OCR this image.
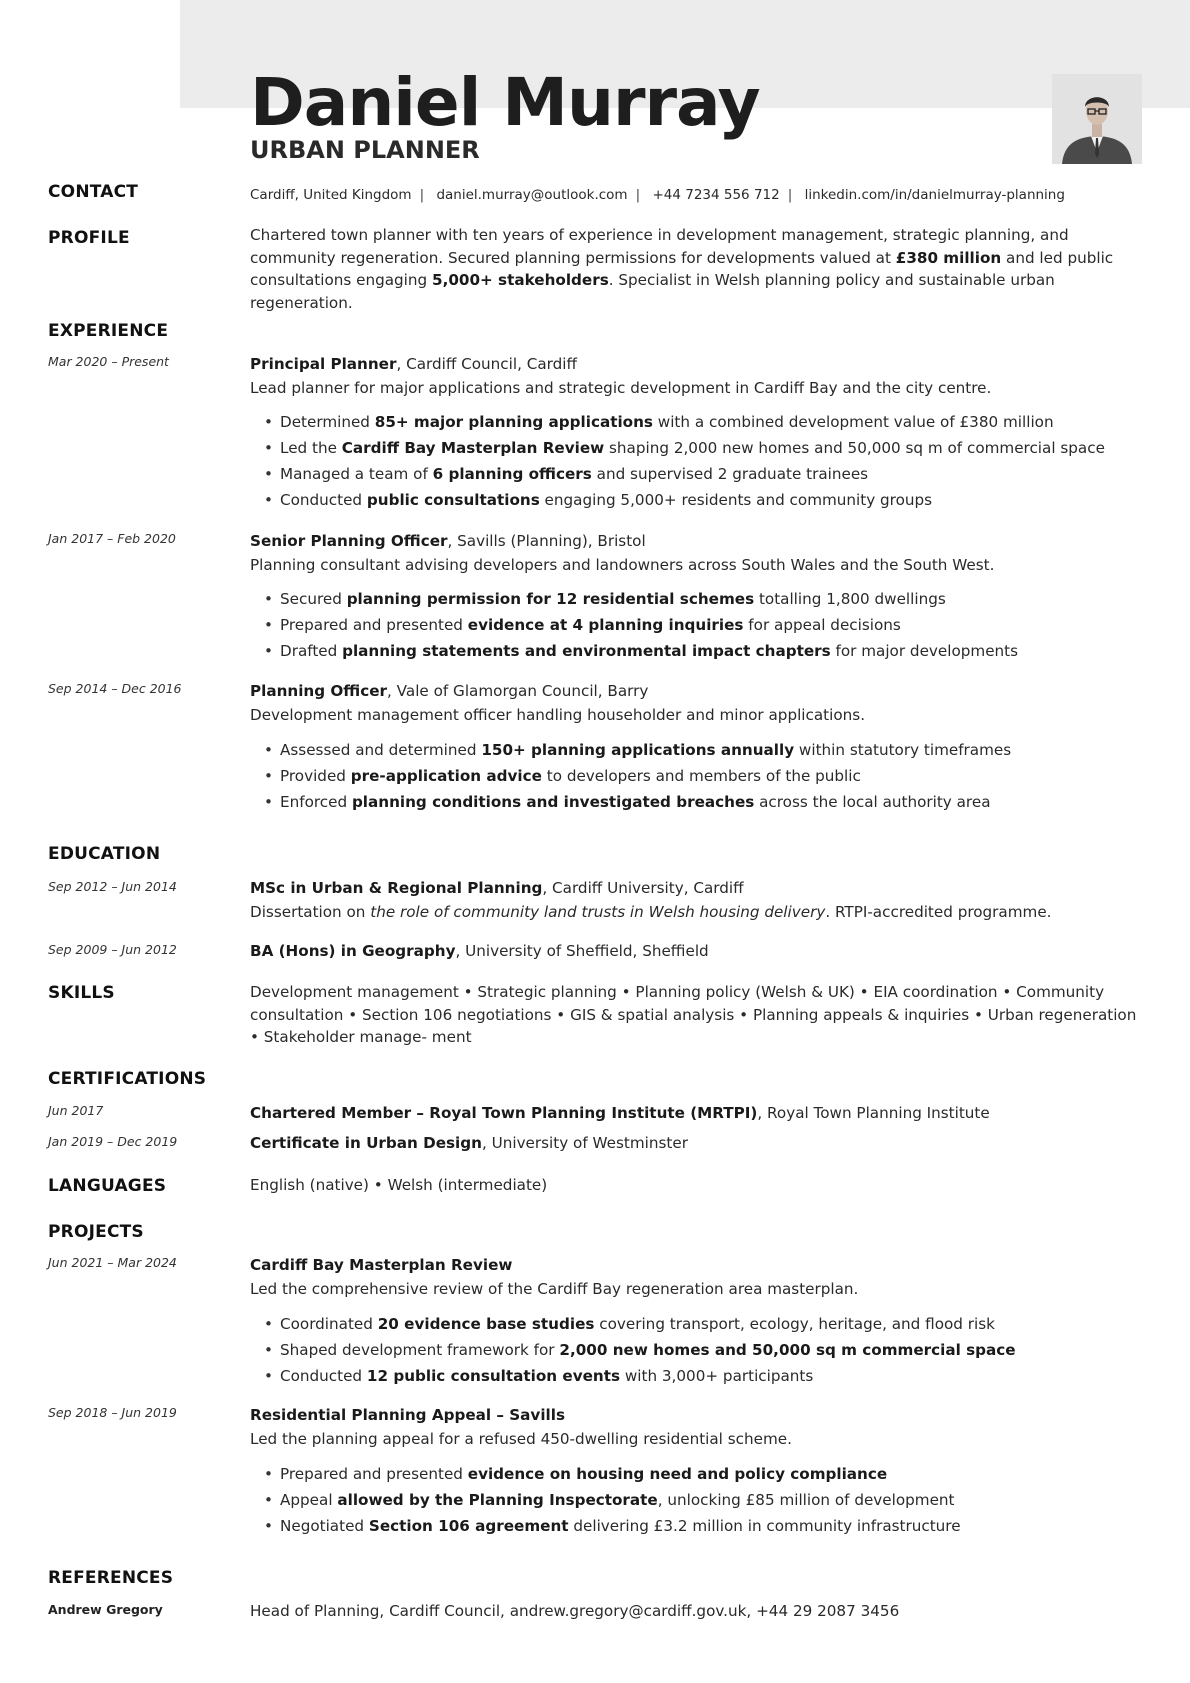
Daniel Murray
URBAN PLANNER
CONTACT	Cardiff, United Kingdom | daniel.murray@outlook.com | +44 7234 556 712 | linkedin.com/in/danielmurray-planning
PROFILE	Chartered town planner with ten years of experience in development management, strategic planning, and community regeneration. Secured planning permissions for developments valued at £380 million and led public consultations engaging 5,000+ stakeholders. Specialist in Welsh planning policy and sustainable urban regeneration.
EXPERIENCE
Mar 2020 – Present	Principal Planner, Cardiff Council, Cardiff
Lead planner for major applications and strategic development in Cardiff Bay and the city centre.
• Determined 85+ major planning applications with a combined development value of £380 million
• Led the Cardiff Bay Masterplan Review shaping 2,000 new homes and 50,000 sq m of commercial space
• Managed a team of 6 planning officers and supervised 2 graduate trainees
• Conducted public consultations engaging 5,000+ residents and community groups
Jan 2017 – Feb 2020	Senior Planning Officer, Savills (Planning), Bristol
Planning consultant advising developers and landowners across South Wales and the South West.
• Secured planning permission for 12 residential schemes totalling 1,800 dwellings
• Prepared and presented evidence at 4 planning inquiries for appeal decisions
• Drafted planning statements and environmental impact chapters for major developments
Sep 2014 – Dec 2016	Planning Officer, Vale of Glamorgan Council, Barry
Development management officer handling householder and minor applications.
• Assessed and determined 150+ planning applications annually within statutory timeframes
• Provided pre-application advice to developers and members of the public
• Enforced planning conditions and investigated breaches across the local authority area
EDUCATION
Sep 2012 – Jun 2014	MSc in Urban & Regional Planning, Cardiff University, Cardiff
Dissertation on the role of community land trusts in Welsh housing delivery. RTPI-accredited programme.
Sep 2009 – Jun 2012	BA (Hons) in Geography, University of Sheffield, Sheffield
SKILLS	Development management • Strategic planning • Planning policy (Welsh & UK) • EIA coordination • Community consultation • Section 106 negotiations • GIS & spatial analysis • Planning appeals & inquiries • Urban regeneration • Stakeholder manage- ment
CERTIFICATIONS
Jun 2017	Chartered Member – Royal Town Planning Institute (MRTPI), Royal Town Planning Institute
Jan 2019 – Dec 2019	Certificate in Urban Design, University of Westminster
LANGUAGES	English (native) • Welsh (intermediate)
PROJECTS
Jun 2021 – Mar 2024	Cardiff Bay Masterplan Review
Led the comprehensive review of the Cardiff Bay regeneration area masterplan.
• Coordinated 20 evidence base studies covering transport, ecology, heritage, and flood risk
• Shaped development framework for 2,000 new homes and 50,000 sq m commercial space
• Conducted 12 public consultation events with 3,000+ participants
Sep 2018 – Jun 2019	Residential Planning Appeal – Savills
Led the planning appeal for a refused 450-dwelling residential scheme.
• Prepared and presented evidence on housing need and policy compliance
• Appeal allowed by the Planning Inspectorate, unlocking £85 million of development
• Negotiated Section 106 agreement delivering £3.2 million in community infrastructure
REFERENCES
Andrew Gregory	Head of Planning, Cardiff Council, andrew.gregory@cardiff.gov.uk, +44 29 2087 3456
